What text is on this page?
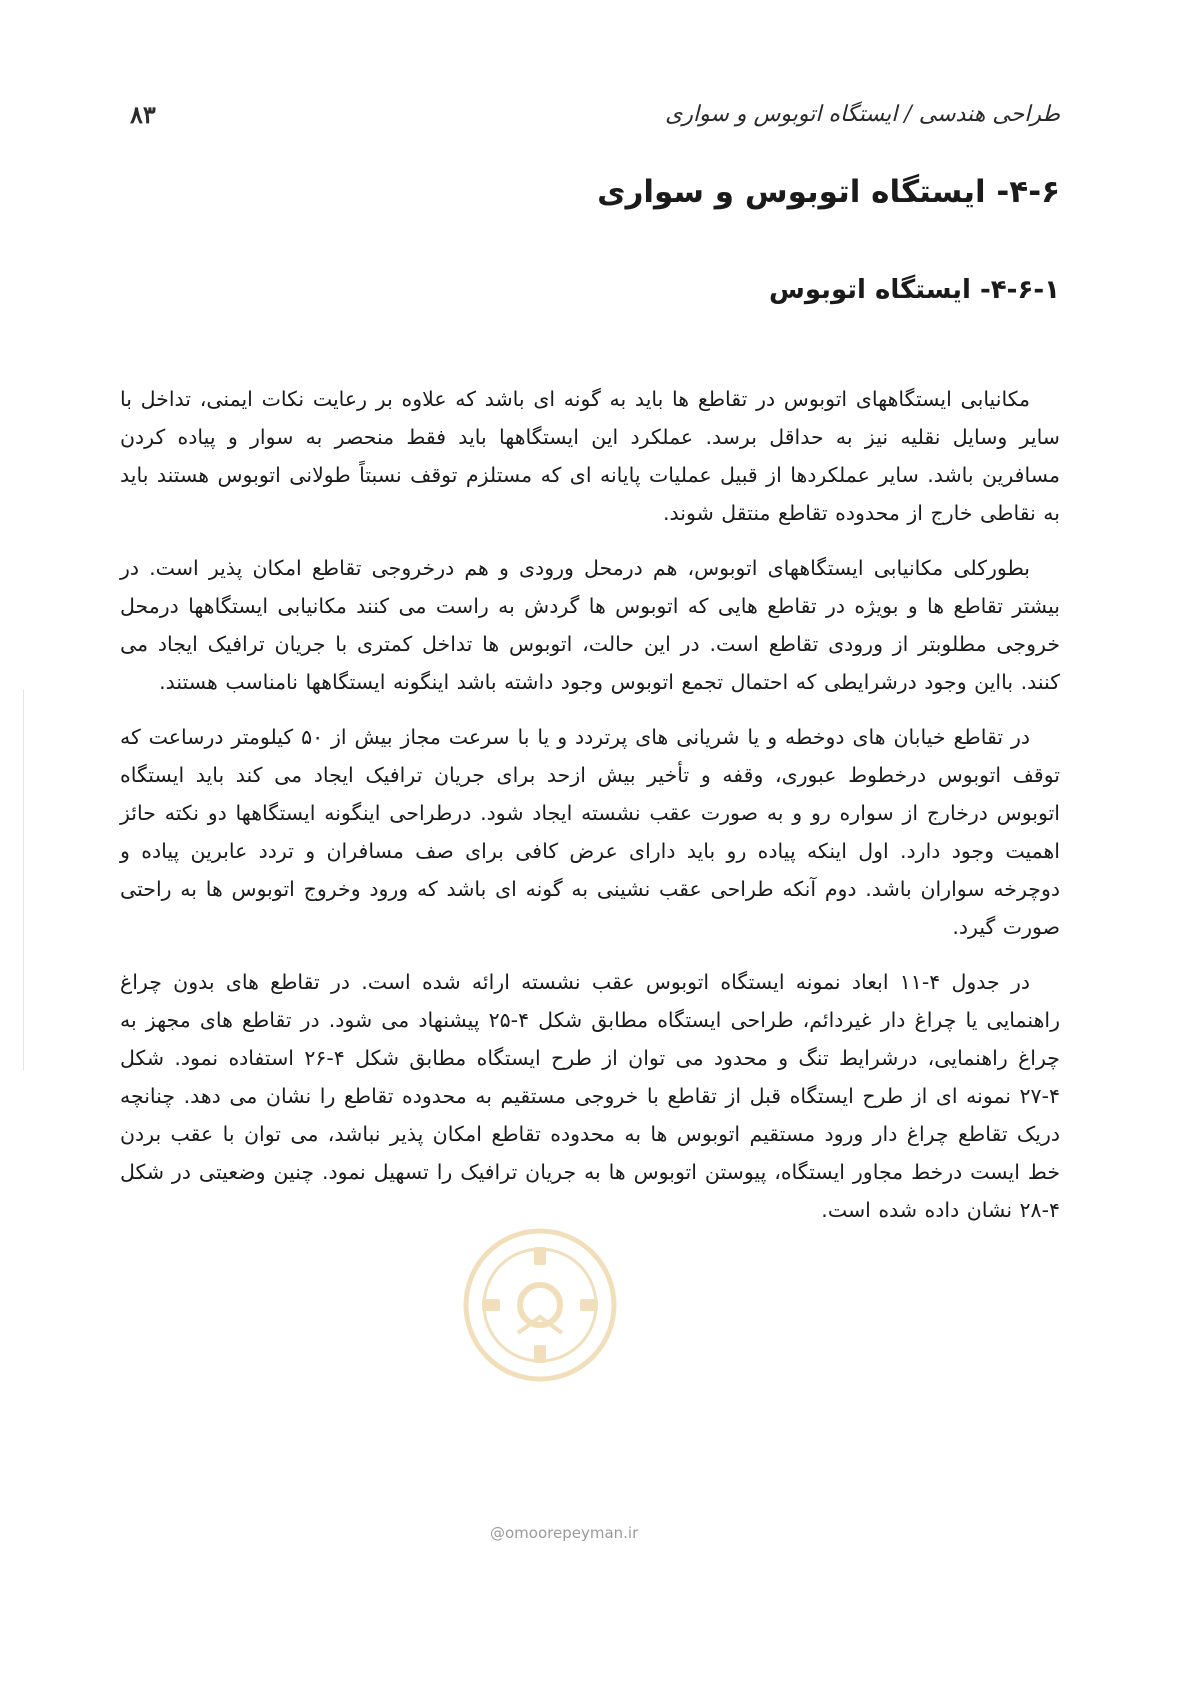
طراحی هندسی / ایستگاه اتوبوس و سواری
۸۳
۴-۶- ایستگاه اتوبوس و سواری
۴-۶-۱- ایستگاه اتوبوس

مکانیابی ایستگاههای اتوبوس در تقاطع ها باید به گونه ای باشد که علاوه بر رعایت نکات ایمنی، تداخل با سایر وسایل نقلیه نیز به حداقل برسد. عملکرد این ایستگاهها باید فقط منحصر به سوار و پیاده کردن مسافرین باشد. سایر عملکردها از قبیل عملیات پایانه ای که مستلزم توقف نسبتاً طولانی اتوبوس هستند باید به نقاطی خارج از محدوده تقاطع منتقل شوند.

بطورکلی مکانیابی ایستگاههای اتوبوس، هم درمحل ورودی و هم درخروجی تقاطع امکان پذیر است. در بیشتر تقاطع ها و بویژه در تقاطع هایی که اتوبوس ها گردش به راست می کنند مکانیابی ایستگاهها درمحل خروجی مطلوبتر از ورودی تقاطع است. در این حالت، اتوبوس ها تداخل کمتری با جریان ترافیک ایجاد می کنند. بااین وجود درشرایطی که احتمال تجمع اتوبوس وجود داشته باشد اینگونه ایستگاهها نامناسب هستند.

در تقاطع خیابان های دوخطه و یا شریانی های پرتردد و یا با سرعت مجاز بیش از ۵۰ کیلومتر درساعت که توقف اتوبوس درخطوط عبوری، وقفه و تأخیر بیش ازحد برای جریان ترافیک ایجاد می کند باید ایستگاه اتوبوس درخارج از سواره رو و به صورت عقب نشسته ایجاد شود. درطراحی اینگونه ایستگاهها دو نکته حائز اهمیت وجود دارد. اول اینکه پیاده رو باید دارای عرض کافی برای صف مسافران و تردد عابرین پیاده و دوچرخه سواران باشد. دوم آنکه طراحی عقب نشینی به گونه ای باشد که ورود وخروج اتوبوس ها به راحتی صورت گیرد.

در جدول ۴-۱۱ ابعاد نمونه ایستگاه اتوبوس عقب نشسته ارائه شده است. در تقاطع های بدون چراغ راهنمایی یا چراغ دار غیردائم، طراحی ایستگاه مطابق شکل ۴-۲۵ پیشنهاد می شود. در تقاطع های مجهز به چراغ راهنمایی، درشرایط تنگ و محدود می توان از طرح ایستگاه مطابق شکل ۴-۲۶ استفاده نمود. شکل ۴-۲۷ نمونه ای از طرح ایستگاه قبل از تقاطع با خروجی مستقیم به محدوده تقاطع را نشان می دهد. چنانچه دریک تقاطع چراغ دار ورود مستقیم اتوبوس ها به محدوده تقاطع امکان پذیر نباشد، می توان با عقب بردن خط ایست درخط مجاور ایستگاه، پیوستن اتوبوس ها به جریان ترافیک را تسهیل نمود. چنین وضعیتی در شکل ۴-۲۸ نشان داده شده است.

@omoorepeyman.ir
